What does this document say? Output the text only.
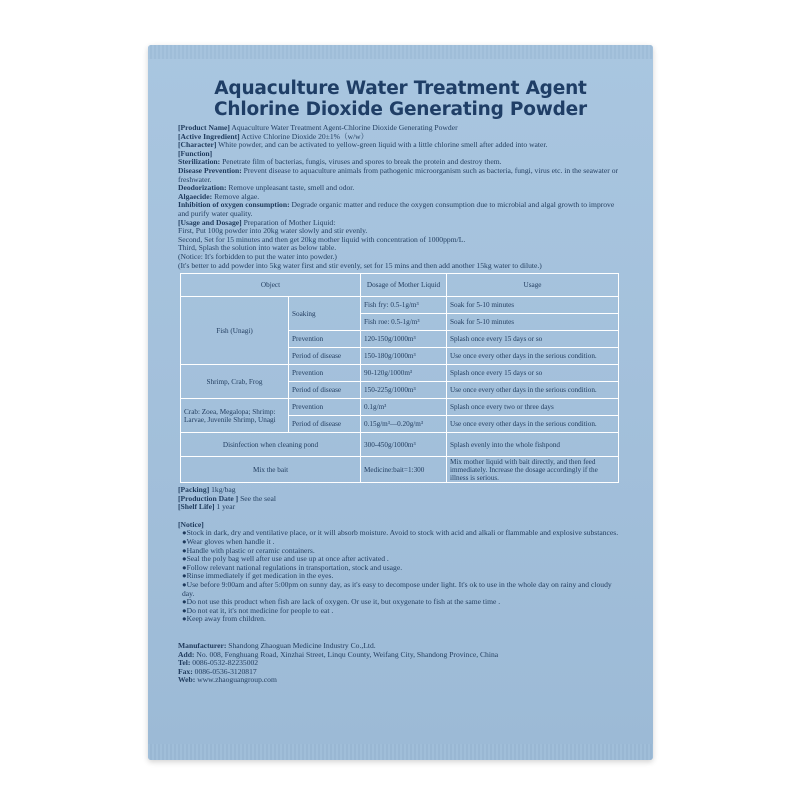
Aquaculture Water Treatment Agent
Chlorine Dioxide Generating Powder

[Product Name] Aquaculture Water Treatment Agent-Chlorine Dioxide Generating Powder

[Active Ingredient] Active Chlorine Dioxide 20±1%（w/w）

[Character] White powder, and can be activated to yellow-green liquid with a little chlorine smell after added into water.

[Function]

Sterilization: Penetrate film of bacterias, fungis, viruses and spores to break the protein and destroy them.

Disease Prevention: Prevent disease to aquaculture animals from pathogenic microorganism such as bacteria, fungi, virus etc. in the seawater or freshwater.

Deodorization: Remove unpleasant taste, smell and odor.

Algaecide: Remove algae.

Inhibition of oxygen consumption: Degrade organic matter and reduce the oxygen consumption due to microbial and algal growth to improve and purify water quality.

[Usage and Dosage] Preparation of Mother Liquid:

First, Put 100g powder into 20kg water slowly and stir evenly.

Second, Set for 15 minutes and then get 20kg mother liquid with concentration of 1000ppm/L.

Third, Splash the solution into water as below table.

(Notice: It's forbidden to put the water into powder.)

(It's better to add powder into 5kg water first and stir evenly, set for 15 mins and then add another 15kg water to dilute.)

Object		Dosage of Mother Liquid	Usage
Fish (Unagi)	Soaking	Fish fry: 0.5-1g/m³	Soak for 5-10 minutes
		Fish roe: 0.5-1g/m³	Soak for 5-10 minutes
	Prevention	120-150g/1000m³	Splash once every 15 days or so
	Period of disease	150-180g/1000m³	Use once every other days in the serious condition.
Shrimp, Crab, Frog	Prevention	90-120g/1000m³	Splash once every 15 days or so
	Period of disease	150-225g/1000m³	Use once every other days in the serious condition.
Crab: Zoea, Megalopa; Shrimp: Larvae, Juvenile Shrimp, Unagi	Prevention	0.1g/m³	Splash once every two or three days
	Period of disease	0.15g/m³—0.20g/m³	Use once every other days in the serious condition.
Disinfection when cleaning pond		300-450g/1000m³	Splash evenly into the whole fishpond
Mix the bait		Medicine:bait=1:300	Mix mother liquid with bait directly, and then feed immediately. Increase the dosage accordingly if the illness is serious.

[Packing] 1kg/bag

[Production Date ] See the seal

[Shelf Life] 1 year

[Notice]

●Stock in dark, dry and ventilative place, or it will absorb moisture. Avoid to stock with acid and alkali or flammable and explosive substances.

●Wear gloves when handle it .

●Handle with plastic or ceramic containers.

●Seal the poly bag well after use and use up at once after activated .

●Follow relevant national regulations in transportation, stock and usage.

●Rinse immediately if get medication in the eyes.

●Use before 9:00am and after 5:00pm on sunny day, as it's easy to decompose under light. It's ok to use in the whole day on rainy and cloudy day.

●Do not use this product when fish are lack of oxygen. Or use it, but oxygenate to fish at the same time .

●Do not eat it, it's not medicine for people to eat .

●Keep away from children.

Manufacturer: Shandong Zhaoguan Medicine Industry Co.,Ltd.

Add: No. 008, Fenghuang Road, Xinzhai Street, Linqu County, Weifang City, Shandong Province, China

Tel: 0086-0532-82235002

Fax: 0086-0536-3120817

Web: www.zhaoguangroup.com
